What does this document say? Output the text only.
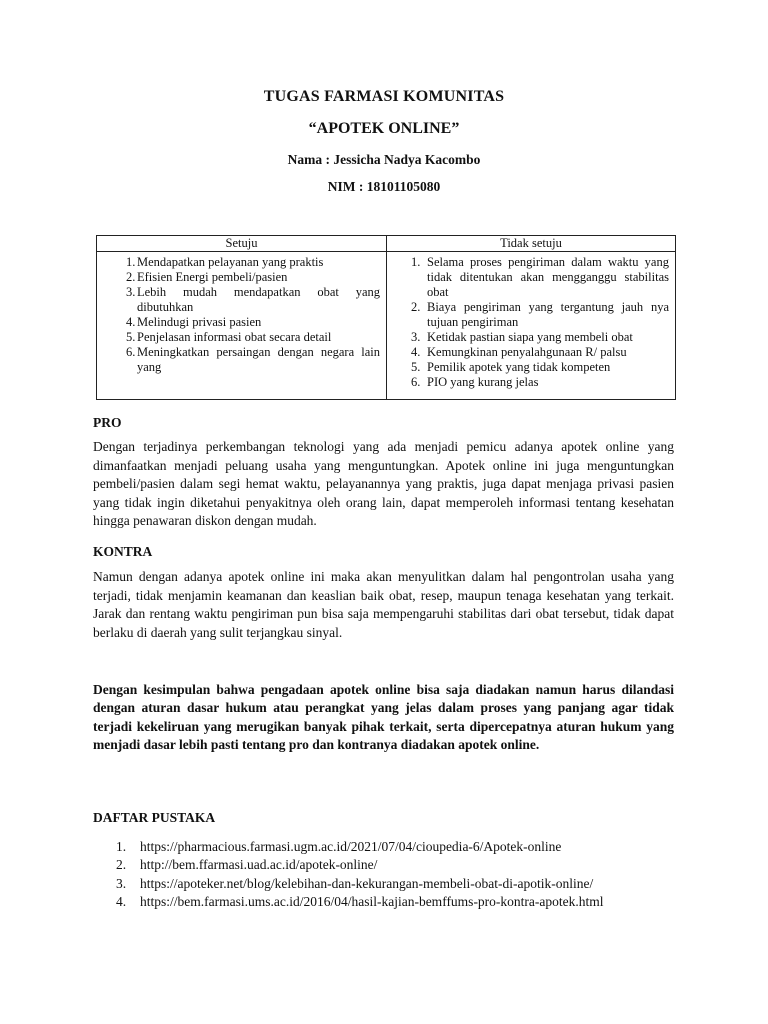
TUGAS FARMASI KOMUNITAS
“APOTEK ONLINE”
Nama : Jessicha Nadya Kacombo
NIM : 18101105080
Setuju
1. Mendapatkan pelayanan yang praktis
2. Efisien Energi pembeli/pasien
3. Lebih mudah mendapatkan obat yang dibutuhkan
4. Melindugi privasi pasien
5. Penjelasan informasi obat secara detail
6. Meningkatkan persaingan dengan negara lain yang
Tidak setuju
1. Selama proses pengiriman dalam waktu yang tidak ditentukan akan mengganggu stabilitas obat
2. Biaya pengiriman yang tergantung jauh nya tujuan pengiriman
3. Ketidak pastian siapa yang membeli obat
4. Kemungkinan penyalahgunaan R/ palsu
5. Pemilik apotek yang tidak kompeten
6. PIO yang kurang jelas
PRO

Dengan terjadinya perkembangan teknologi yang ada menjadi pemicu adanya apotek online yang dimanfaatkan menjadi peluang usaha yang menguntungkan. Apotek online ini juga menguntungkan pembeli/pasien dalam segi hemat waktu, pelayanannya yang praktis, juga dapat menjaga privasi pasien yang tidak ingin diketahui penyakitnya oleh orang lain, dapat memperoleh informasi tentang kesehatan hingga penawaran diskon dengan mudah.

KONTRA

Namun dengan adanya apotek online ini maka akan menyulitkan dalam hal pengontrolan usaha yang terjadi, tidak menjamin keamanan dan keaslian baik obat, resep, maupun tenaga kesehatan yang terkait. Jarak dan rentang waktu pengiriman pun bisa saja mempengaruhi stabilitas dari obat tersebut, tidak dapat berlaku di daerah yang sulit terjangkau sinyal.

Dengan kesimpulan bahwa pengadaan apotek online bisa saja diadakan namun harus dilandasi dengan aturan dasar hukum atau perangkat yang jelas dalam proses yang panjang agar tidak terjadi kekeliruan yang merugikan banyak pihak terkait, serta dipercepatnya aturan hukum yang menjadi dasar lebih pasti tentang pro dan kontranya diadakan apotek online.

DAFTAR PUSTAKA
1. https://pharmacious.farmasi.ugm.ac.id/2021/07/04/cioupedia-6/Apotek-online
2. http://bem.ffarmasi.uad.ac.id/apotek-online/
3. https://apoteker.net/blog/kelebihan-dan-kekurangan-membeli-obat-di-apotik-online/
4. https://bem.farmasi.ums.ac.id/2016/04/hasil-kajian-bemffums-pro-kontra-apotek.html
